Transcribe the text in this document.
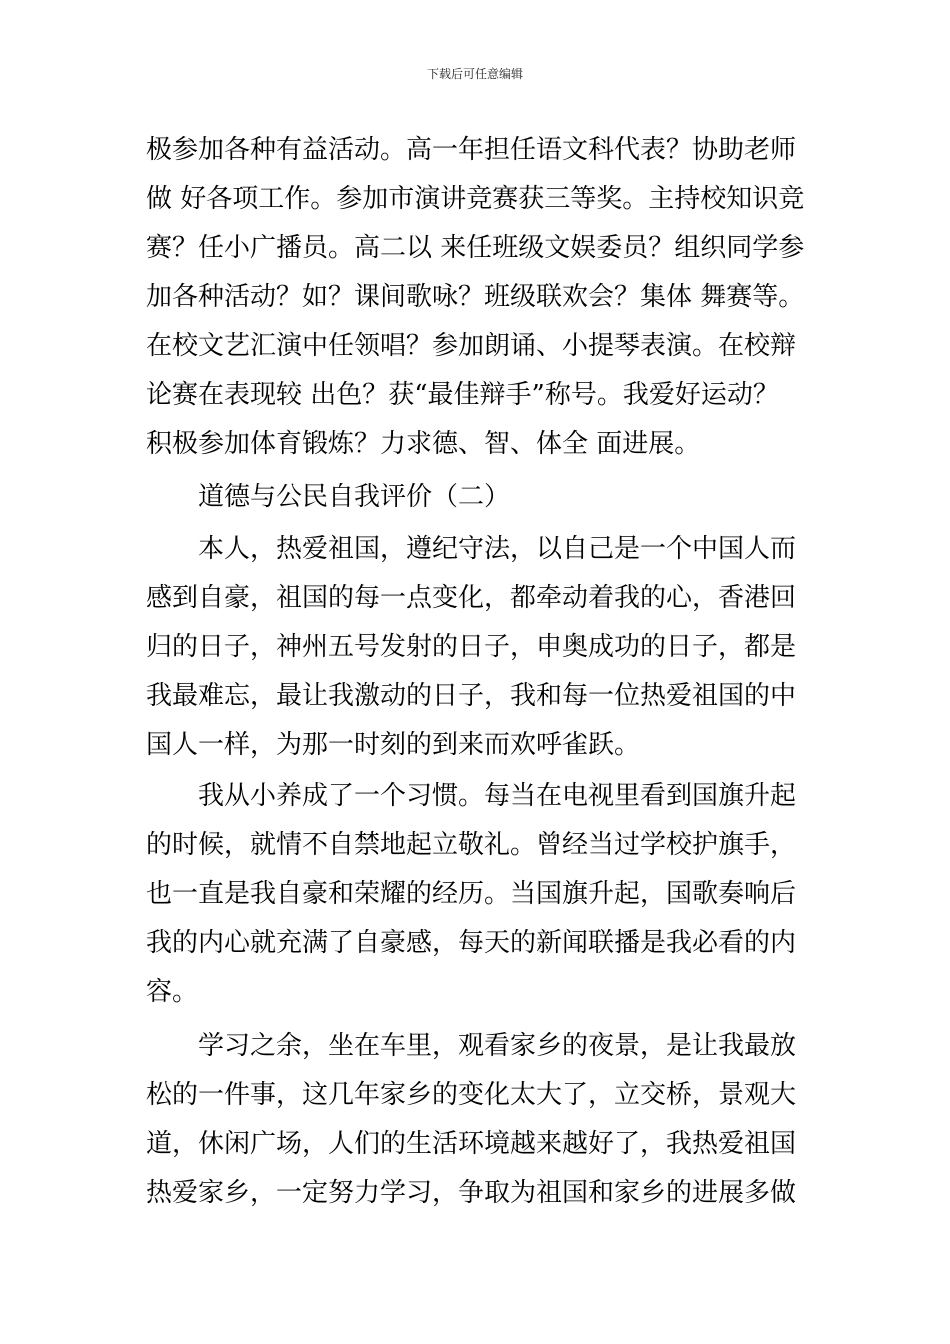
下载后可任意编辑
极参加各种有益活动。高一年担任语文科代表？协助老师
做 好各项工作。参加市演讲竞赛获三等奖。主持校知识竞
赛？任小广播员。高二以 来任班级文娱委员？组织同学参
加各种活动？如？课间歌咏？班级联欢会？集体 舞赛等。
在校文艺汇演中任领唱？参加朗诵、小提琴表演。在校辩
论赛在表现较 出色？获“最佳辩手”称号。我爱好运动？
积极参加体育锻炼？力求德、智、体全 面进展。
道德与公民自我评价（二）
本人，热爱祖国，遵纪守法，以自己是一个中国人而
感到自豪，祖国的每一点变化，都牵动着我的心，香港回
归的日子，神州五号发射的日子，申奥成功的日子，都是
我最难忘，最让我激动的日子，我和每一位热爱祖国的中
国人一样，为那一时刻的到来而欢呼雀跃。
我从小养成了一个习惯。每当在电视里看到国旗升起
的时候，就情不自禁地起立敬礼。曾经当过学校护旗手，
也一直是我自豪和荣耀的经历。当国旗升起，国歌奏响后
我的内心就充满了自豪感，每天的新闻联播是我必看的内
容。
学习之余，坐在车里，观看家乡的夜景，是让我最放
松的一件事，这几年家乡的变化太大了，立交桥，景观大
道，休闲广场，人们的生活环境越来越好了，我热爱祖国
热爱家乡，一定努力学习，争取为祖国和家乡的进展多做
